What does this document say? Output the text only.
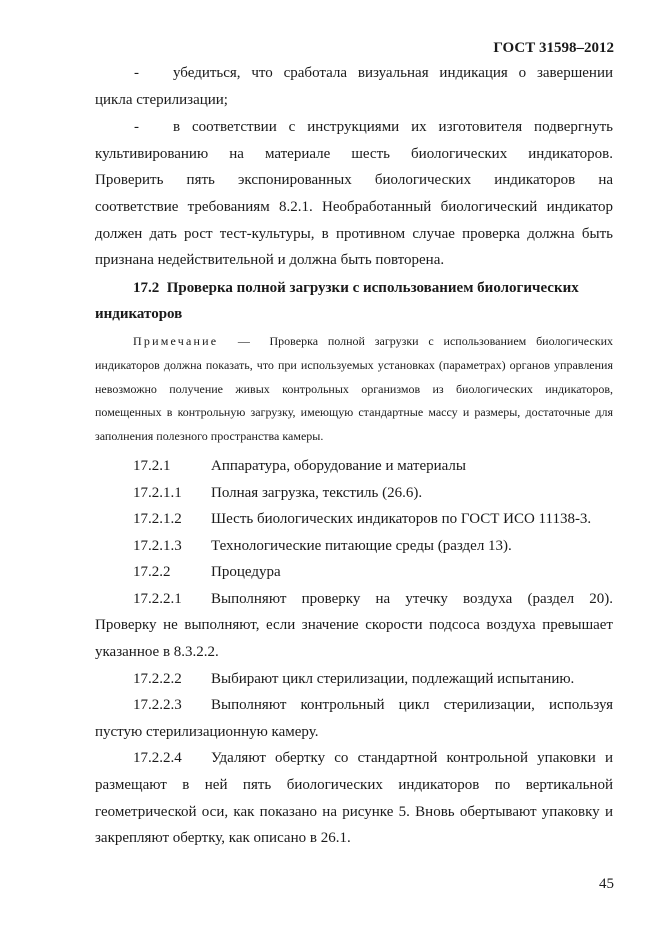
ГОСТ 31598–2012

- убедиться, что сработала визуальная индикация о завершении

цикла стерилизации;

- в соответствии с инструкциями их изготовителя подвергнуть

культивированию на материале шесть биологических индикаторов.

Проверить пять экспонированных биологических индикаторов на

соответствие требованиям 8.2.1. Необработанный биологический индикатор должен дать рост тест-культуры, в противном случае проверка должна быть признана недействительной и должна быть повторена.

17.2 Проверка полной загрузки с использованием биологических индикаторов

Примечание — Проверка полной загрузки с использованием биологических индикаторов должна показать, что при используемых установках (параметрах) органов управления невозможно получение живых контрольных организмов из биологических индикаторов, помещенных в контрольную загрузку, имеющую стандартные массу и размеры, достаточные для заполнения полезного пространства камеры.

17.2.1	Аппаратура, оборудование и материалы
17.2.1.1	Полная загрузка, текстиль (26.6).
17.2.1.2	Шесть биологических индикаторов по ГОСТ ИСО 11138-3.
17.2.1.3	Технологические питающие среды (раздел 13).
17.2.2	Процедура
17.2.2.1	Выполняют проверку на утечку воздуха (раздел 20).

Проверку не выполняют, если значение скорости подсоса воздуха превышает указанное в 8.3.2.2.

17.2.2.2	Выбирают цикл стерилизации, подлежащий испытанию.
17.2.2.3	Выполняют контрольный цикл стерилизации, используя

пустую стерилизационную камеру.

17.2.2.4	Удаляют обертку со стандартной контрольной упаковки и

размещают в ней пять биологических индикаторов по вертикальной геометрической оси, как показано на рисунке 5. Вновь обертывают упаковку и закрепляют обертку, как описано в 26.1.

45
